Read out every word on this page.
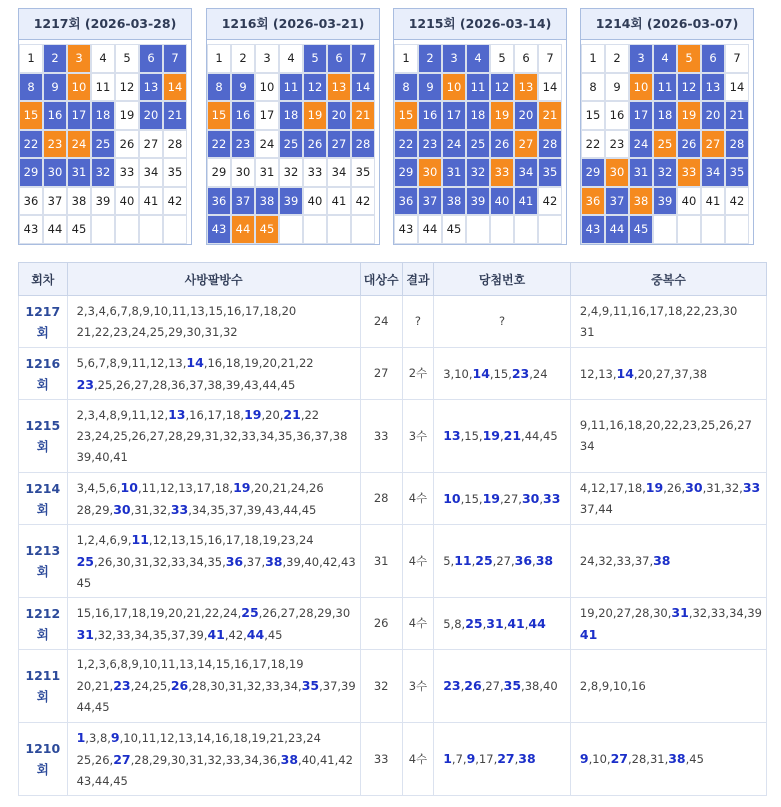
1217회 (2026-03-28)
1	2	3	4	5	6	7
8	9	10 11 12 13 14
15 16 17 18 19 20 21
22 23 24 25 26 27 28
29 30 31 32 33 34 35
36 37 38 39 40 41 42
43 44 45
1216회 (2026-03-21)
1	2	3	4	5	6	7
8	9	10 11 12 13 14
15 16 17 18 19 20 21
22 23 24 25 26 27 28
29 30 31 32 33 34 35
36 37 38 39 40 41 42
43 44 45
1215회 (2026-03-14)
1	2	3	4	5	6	7
8	9	10 11 12 13 14
15 16 17 18 19 20 21
22 23 24 25 26 27 28
29 30 31 32 33 34 35
36 37 38 39 40 41 42
43 44 45
1214회 (2026-03-07)
1	2	3	4	5	6	7
8	9	10 11 12 13 14
15 16 17 18 19 20 21
22 23 24 25 26 27 28
29 30 31 32 33 34 35
36 37 38 39 40 41 42
43 44 45
회차	사방팔방수	대상수	결과	당첨번호	중복수
1217회	2,3,4,6,7,8,9,10,11,13,15,16,17,18,20
21,22,23,24,25,29,30,31,32	24	?	?	2,4,9,11,16,17,18,22,23,30
31
1216회	5,6,7,8,9,11,12,13,14,16,18,19,20,21,22
23,25,26,27,28,36,37,38,39,43,44,45	27	2수	3,10,14,15,23,24	12,13,14,20,27,37,38
1215회	2,3,4,8,9,11,12,13,16,17,18,19,20,21,22
23,24,25,26,27,28,29,31,32,33,34,35,36,37,38
39,40,41	33	3수	13,15,19,21,44,45	9,11,16,18,20,22,23,25,26,27
34
1214회	3,4,5,6,10,11,12,13,17,18,19,20,21,24,26
28,29,30,31,32,33,34,35,37,39,43,44,45	28	4수	10,15,19,27,30,33	4,12,17,18,19,26,30,31,32,33
37,44
1213회	1,2,4,6,9,11,12,13,15,16,17,18,19,23,24
25,26,30,31,32,33,34,35,36,37,38,39,40,42,43
45	31	4수	5,11,25,27,36,38	24,32,33,37,38
1212회	15,16,17,18,19,20,21,22,24,25,26,27,28,29,30
31,32,33,34,35,37,39,41,42,44,45	26	4수	5,8,25,31,41,44	19,20,27,28,30,31,32,33,34,39
41
1211회	1,2,3,6,8,9,10,11,13,14,15,16,17,18,19
20,21,23,24,25,26,28,30,31,32,33,34,35,37,39
44,45	32	3수	23,26,27,35,38,40	2,8,9,10,16
1210회	1,3,8,9,10,11,12,13,14,16,18,19,21,23,24
25,26,27,28,29,30,31,32,33,34,36,38,40,41,42
43,44,45	33	4수	1,7,9,17,27,38	9,10,27,28,31,38,45
